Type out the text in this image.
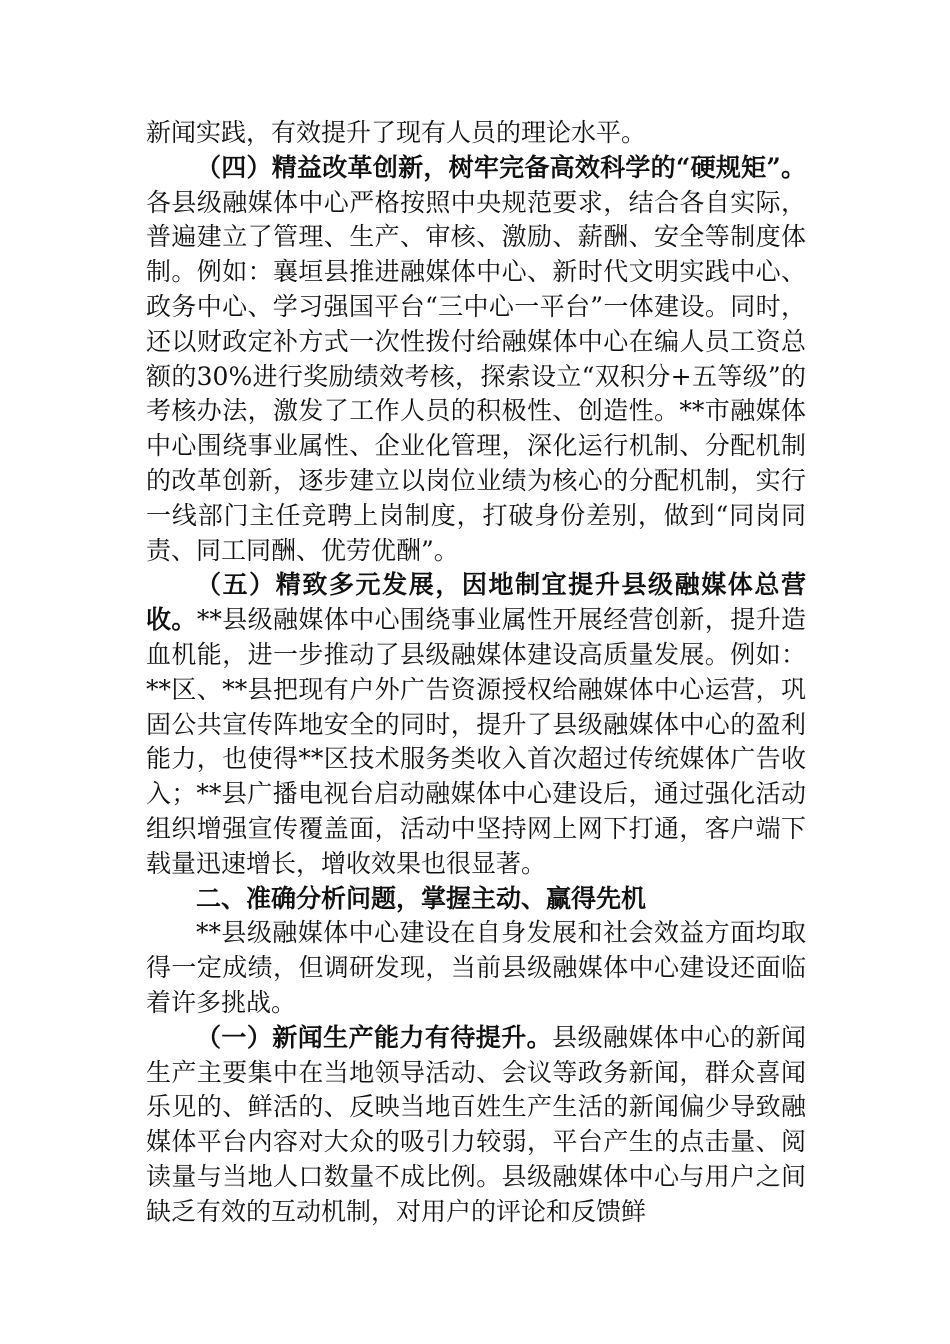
新闻实践，有效提升了现有人员的理论水平。

（四）精益改革创新，树牢完备高效科学的“硬规矩”。各县级融媒体中心严格按照中央规范要求，结合各自实际，普遍建立了管理、生产、审核、激励、薪酬、安全等制度体制。例如：襄垣县推进融媒体中心、新时代文明实践中心、政务中心、学习强国平台“三中心一平台”一体建设。同时，还以财政定补方式一次性拨付给融媒体中心在编人员工资总额的30%进行奖励绩效考核，探索设立“双积分+五等级”的考核办法，激发了工作人员的积极性、创造性。**市融媒体中心围绕事业属性、企业化管理，深化运行机制、分配机制的改革创新，逐步建立以岗位业绩为核心的分配机制，实行一线部门主任竞聘上岗制度，打破身份差别，做到“同岗同责、同工同酬、优劳优酬”。

（五）精致多元发展，因地制宜提升县级融媒体总营收。**县级融媒体中心围绕事业属性开展经营创新，提升造血机能，进一步推动了县级融媒体建设高质量发展。例如：**区、**县把现有户外广告资源授权给融媒体中心运营，巩固公共宣传阵地安全的同时，提升了县级融媒体中心的盈利能力，也使得**区技术服务类收入首次超过传统媒体广告收入；**县广播电视台启动融媒体中心建设后，通过强化活动组织增强宣传覆盖面，活动中坚持网上网下打通，客户端下载量迅速增长，增收效果也很显著。

二、准确分析问题，掌握主动、赢得先机

**县级融媒体中心建设在自身发展和社会效益方面均取得一定成绩，但调研发现，当前县级融媒体中心建设还面临着许多挑战。

（一）新闻生产能力有待提升。县级融媒体中心的新闻生产主要集中在当地领导活动、会议等政务新闻，群众喜闻乐见的、鲜活的、反映当地百姓生产生活的新闻偏少导致融媒体平台内容对大众的吸引力较弱，平台产生的点击量、阅读量与当地人口数量不成比例。县级融媒体中心与用户之间缺乏有效的互动机制，对用户的评论和反馈鲜
